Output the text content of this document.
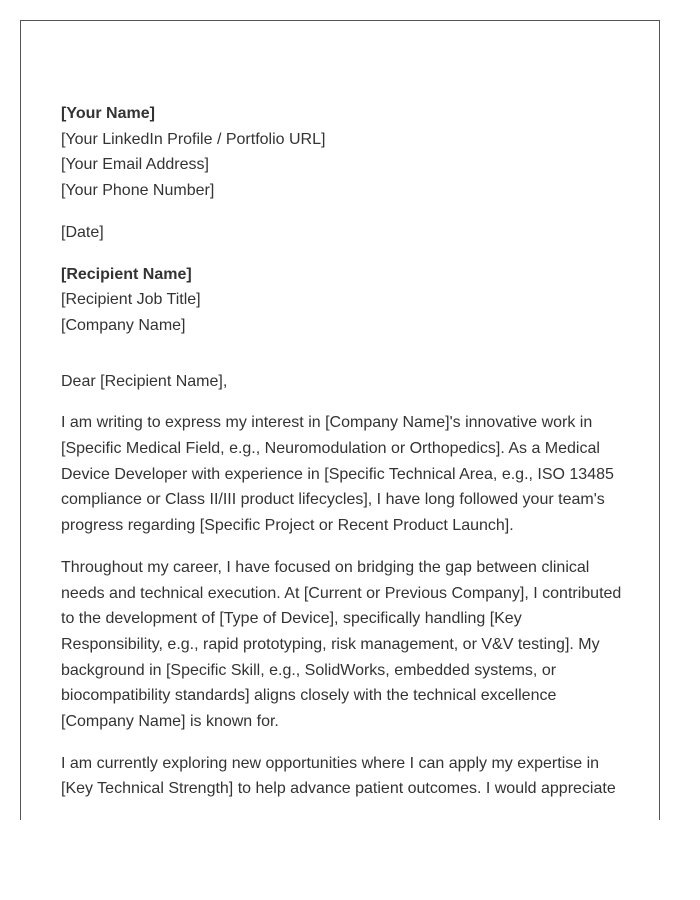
[Your Name]
[Your LinkedIn Profile / Portfolio URL]
[Your Email Address]
[Your Phone Number]
[Date]
[Recipient Name]
[Recipient Job Title]
[Company Name]

Dear [Recipient Name],

I am writing to express my interest in [Company Name]'s innovative work in [Specific Medical Field, e.g., Neuromodulation or Orthopedics]. As a Medical Device Developer with experience in [Specific Technical Area, e.g., ISO 13485 compliance or Class II/III product lifecycles], I have long followed your team's progress regarding [Specific Project or Recent Product Launch].

Throughout my career, I have focused on bridging the gap between clinical needs and technical execution. At [Current or Previous Company], I contributed to the development of [Type of Device], specifically handling [Key Responsibility, e.g., rapid prototyping, risk management, or V&V testing]. My background in [Specific Skill, e.g., SolidWorks, embedded systems, or biocompatibility standards] aligns closely with the technical excellence [Company Name] is known for.

I am currently exploring new opportunities where I can apply my expertise in [Key Technical Strength] to help advance patient outcomes. I would appreciate
